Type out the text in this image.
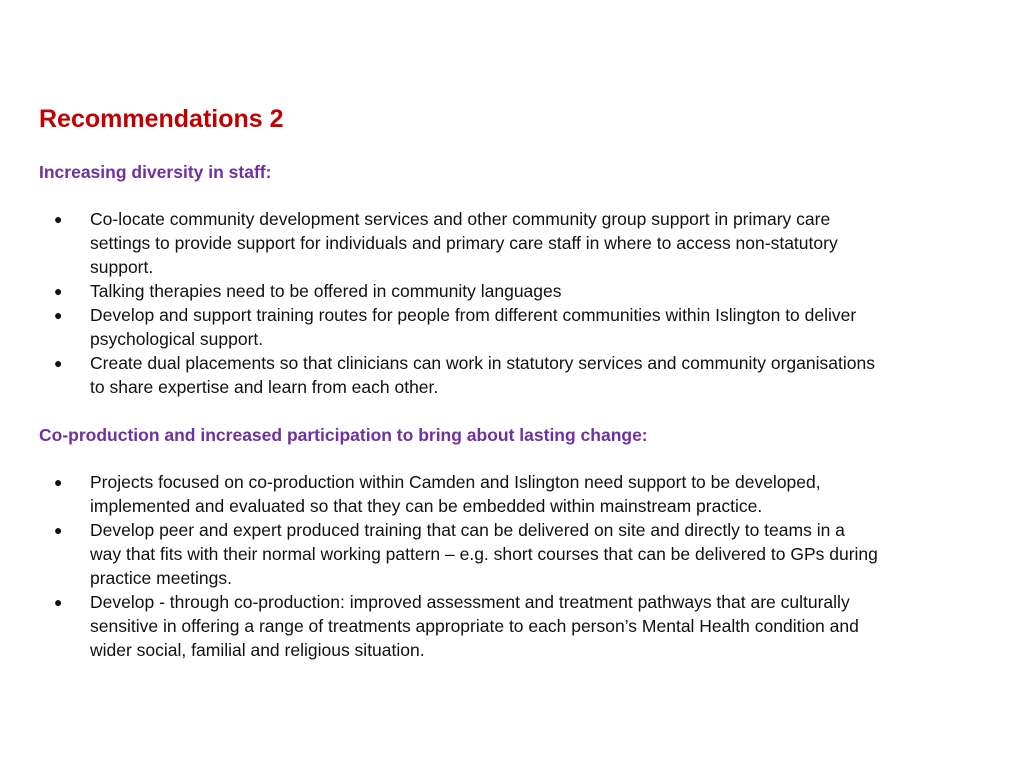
Recommendations 2
Increasing diversity in staff:
● Co-locate community development services and other community group support in primary care settings to provide support for individuals and primary care staff in where to access non-statutory support.
● Talking therapies need to be offered in community languages
● Develop and support training routes for people from different communities within Islington to deliver psychological support.
● Create dual placements so that clinicians can work in statutory services and community organisations to share expertise and learn from each other.
Co-production and increased participation to bring about lasting change:
● Projects focused on co-production within Camden and Islington need support to be developed, implemented and evaluated so that they can be embedded within mainstream practice.
● Develop peer and expert produced training that can be delivered on site and directly to teams in a way that fits with their normal working pattern – e.g. short courses that can be delivered to GPs during practice meetings.
● Develop - through co-production: improved assessment and treatment pathways that are culturally sensitive in offering a range of treatments appropriate to each person’s Mental Health condition and wider social, familial and religious situation.
